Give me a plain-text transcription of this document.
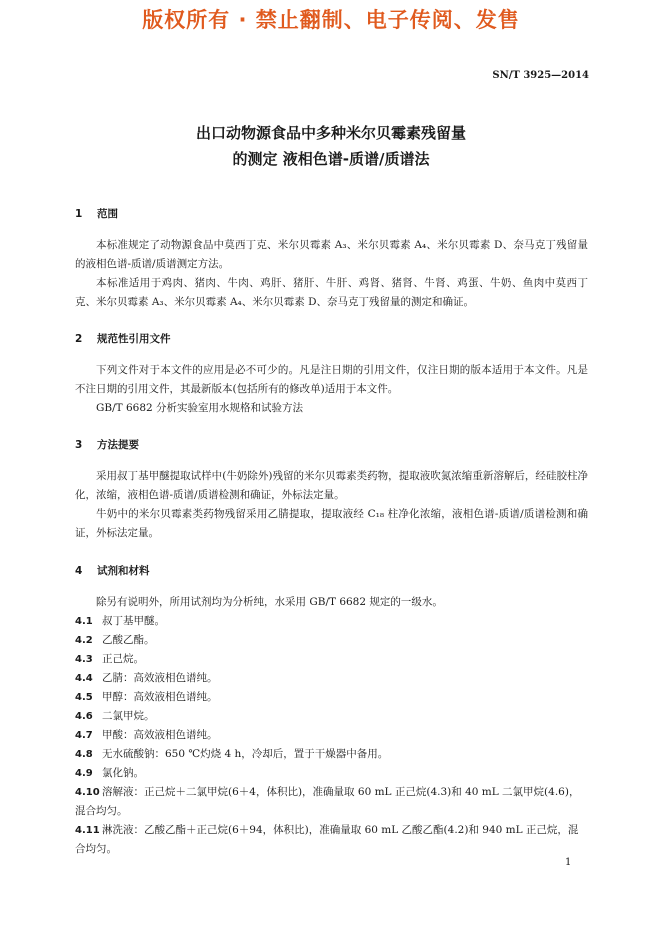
版权所有 · 禁止翻制、电子传阅、发售
SN/T 3925—2014
出口动物源食品中多种米尔贝霉素残留量
的测定 液相色谱-质谱/质谱法
1 范围
本标准规定了动物源食品中莫西丁克、米尔贝霉素 A₃、米尔贝霉素 A₄、米尔贝霉素 D、奈马克丁残留量的液相色谱-质谱/质谱测定方法。
本标准适用于鸡肉、猪肉、牛肉、鸡肝、猪肝、牛肝、鸡肾、猪肾、牛肾、鸡蛋、牛奶、鱼肉中莫西丁克、米尔贝霉素 A₃、米尔贝霉素 A₄、米尔贝霉素 D、奈马克丁残留量的测定和确证。
2 规范性引用文件
下列文件对于本文件的应用是必不可少的。凡是注日期的引用文件，仅注日期的版本适用于本文件。凡是不注日期的引用文件，其最新版本(包括所有的修改单)适用于本文件。
GB/T 6682 分析实验室用水规格和试验方法
3 方法提要
采用叔丁基甲醚提取试样中(牛奶除外)残留的米尔贝霉素类药物，提取液吹氮浓缩重新溶解后，经硅胶柱净化，浓缩，液相色谱-质谱/质谱检测和确证，外标法定量。
牛奶中的米尔贝霉素类药物残留采用乙腈提取，提取液经 C₁₈ 柱净化浓缩，液相色谱-质谱/质谱检测和确证，外标法定量。
4 试剂和材料
除另有说明外，所用试剂均为分析纯，水采用 GB/T 6682 规定的一级水。
4.1 叔丁基甲醚。
4.2 乙酸乙酯。
4.3 正己烷。
4.4 乙腈：高效液相色谱纯。
4.5 甲醇：高效液相色谱纯。
4.6 二氯甲烷。
4.7 甲酸：高效液相色谱纯。
4.8 无水硫酸钠：650 ℃灼烧 4 h，冷却后，置于干燥器中备用。
4.9 氯化钠。
4.10 溶解液：正己烷＋二氯甲烷(6＋4，体积比)，准确量取 60 mL 正己烷(4.3)和 40 mL 二氯甲烷(4.6)，混合均匀。
4.11 淋洗液：乙酸乙酯＋正己烷(6＋94，体积比)，准确量取 60 mL 乙酸乙酯(4.2)和 940 mL 正己烷，混合均匀。
1
